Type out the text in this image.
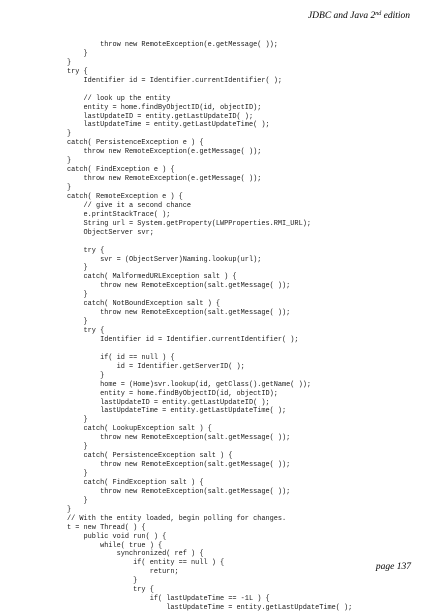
JDBC and Java 2nd edition
throw new RemoteException(e.getMessage( ));
}
}
try {
Identifier id = Identifier.currentIdentifier( );
// look up the entity
entity = home.findByObjectID(id, objectID);
lastUpdateID = entity.getLastUpdateID( );
lastUpdateTime = entity.getLastUpdateTime( );
}
catch( PersistenceException e ) {
throw new RemoteException(e.getMessage( ));
}
catch( FindException e ) {
throw new RemoteException(e.getMessage( ));
}
catch( RemoteException e ) {
// give it a second chance
e.printStackTrace( );
String url = System.getProperty(LWPProperties.RMI_URL);
ObjectServer svr;
try {
svr = (ObjectServer)Naming.lookup(url);
}
catch( MalformedURLException salt ) {
throw new RemoteException(salt.getMessage( ));
}
catch( NotBoundException salt ) {
throw new RemoteException(salt.getMessage( ));
}
try {
Identifier id = Identifier.currentIdentifier( );
if( id == null ) {
id = Identifier.getServerID( );
}
home = (Home)svr.lookup(id, getClass().getName( ));
entity = home.findByObjectID(id, objectID);
lastUpdateID = entity.getLastUpdateID( );
lastUpdateTime = entity.getLastUpdateTime( );
}
catch( LookupException salt ) {
throw new RemoteException(salt.getMessage( ));
}
catch( PersistenceException salt ) {
throw new RemoteException(salt.getMessage( ));
}
catch( FindException salt ) {
throw new RemoteException(salt.getMessage( ));
}
}
// With the entity loaded, begin polling for changes.
t = new Thread( ) {
public void run( ) {
while( true ) {
synchronized( ref ) {
if( entity == null ) {
return;
}
try {
if( lastUpdateTime == -1L ) {
lastUpdateTime = entity.getLastUpdateTime( );
page 137
